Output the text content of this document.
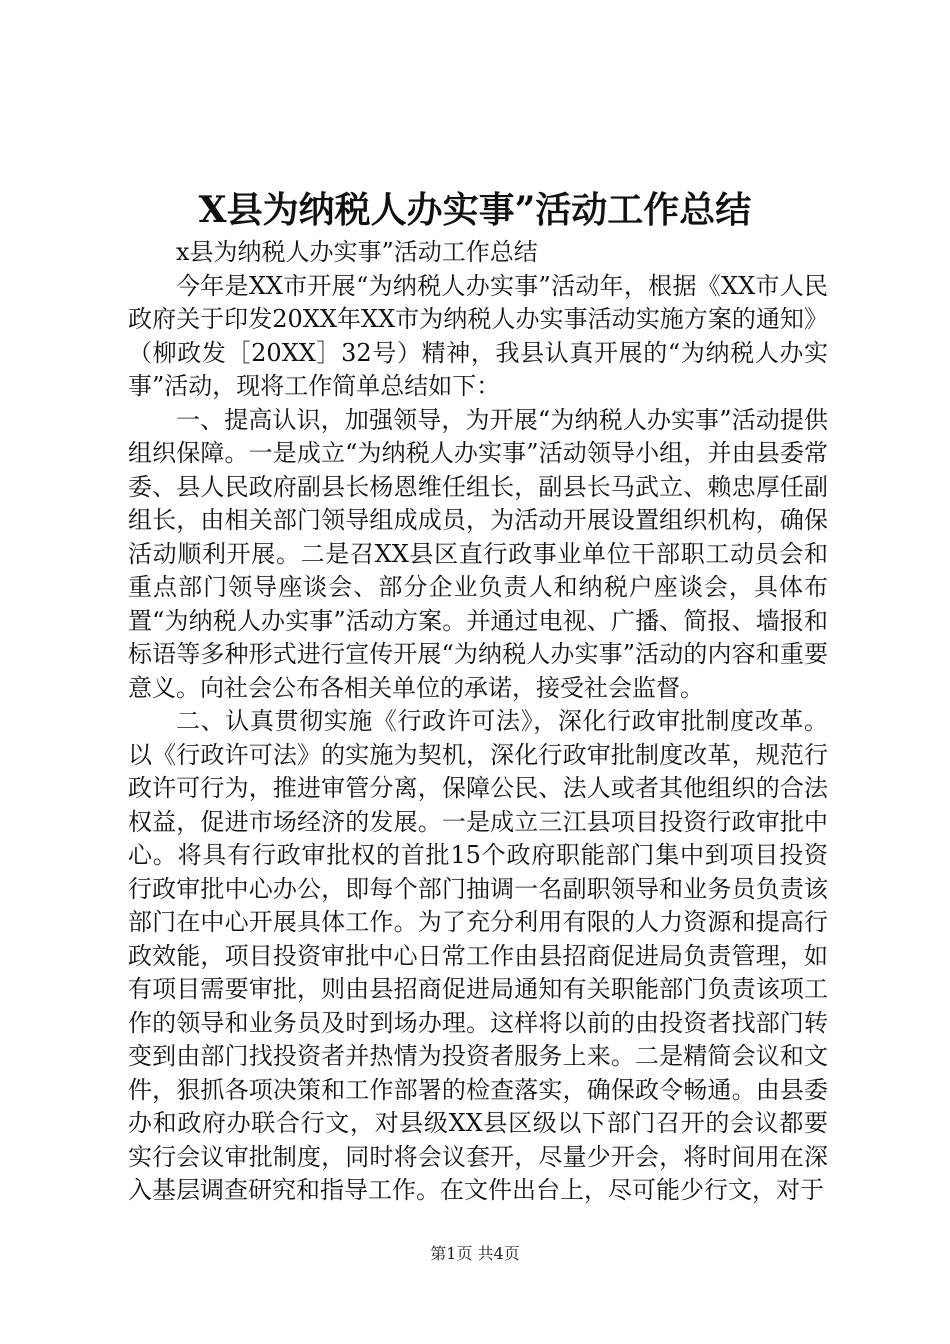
X县为纳税人办实事”活动工作总结

x县为纳税人办实事”活动工作总结

今年是XX市开展“为纳税人办实事”活动年，根据《XX市人民政府关于印发20XX年XX市为纳税人办实事活动实施方案的通知》（柳政发［20XX］32号）精神，我县认真开展的“为纳税人办实事”活动，现将工作简单总结如下：

一、提高认识，加强领导，为开展“为纳税人办实事”活动提供组织保障。一是成立“为纳税人办实事”活动领导小组，并由县委常委、县人民政府副县长杨恩维任组长，副县长马武立、赖忠厚任副组长，由相关部门领导组成成员，为活动开展设置组织机构，确保活动顺利开展。二是召XX县区直行政事业单位干部职工动员会和重点部门领导座谈会、部分企业负责人和纳税户座谈会，具体布置“为纳税人办实事”活动方案。并通过电视、广播、简报、墙报和标语等多种形式进行宣传开展“为纳税人办实事”活动的内容和重要意义。向社会公布各相关单位的承诺，接受社会监督。

二、认真贯彻实施《行政许可法》，深化行政审批制度改革。以《行政许可法》的实施为契机，深化行政审批制度改革，规范行政许可行为，推进审管分离，保障公民、法人或者其他组织的合法权益，促进市场经济的发展。一是成立三江县项目投资行政审批中心。将具有行政审批权的首批15个政府职能部门集中到项目投资行政审批中心办公，即每个部门抽调一名副职领导和业务员负责该部门在中心开展具体工作。为了充分利用有限的人力资源和提高行政效能，项目投资审批中心日常工作由县招商促进局负责管理，如有项目需要审批，则由县招商促进局通知有关职能部门负责该项工作的领导和业务员及时到场办理。这样将以前的由投资者找部门转变到由部门找投资者并热情为投资者服务上来。二是精简会议和文件，狠抓各项决策和工作部署的检查落实，确保政令畅通。由县委办和政府办联合行文，对县级XX县区级以下部门召开的会议都要实行会议审批制度，同时将会议套开，尽量少开会，将时间用在深入基层调查研究和指导工作。在文件出台上，尽可能少行文，对于

第1页 共4页
